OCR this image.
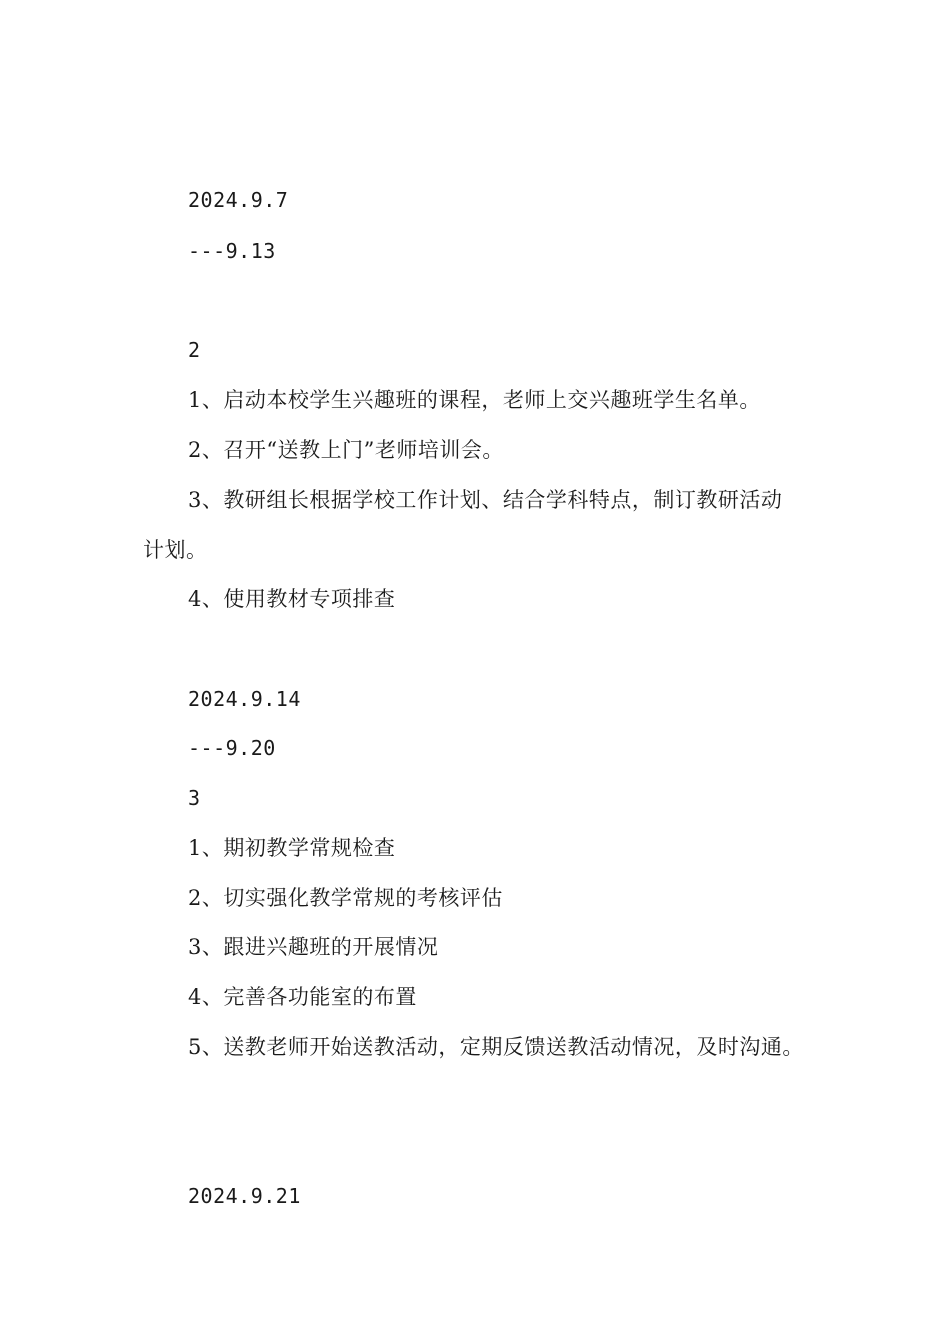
2024.9.7
---9.13
2
1、启动本校学生兴趣班的课程，老师上交兴趣班学生名单。
2、召开“送教上门”老师培训会。
3、教研组长根据学校工作计划、结合学科特点，制订教研活动
计划。
4、使用教材专项排查
2024.9.14
---9.20
3
1、期初教学常规检查
2、切实强化教学常规的考核评估
3、跟进兴趣班的开展情况
4、完善各功能室的布置
5、送教老师开始送教活动，定期反馈送教活动情况，及时沟通。
2024.9.21
